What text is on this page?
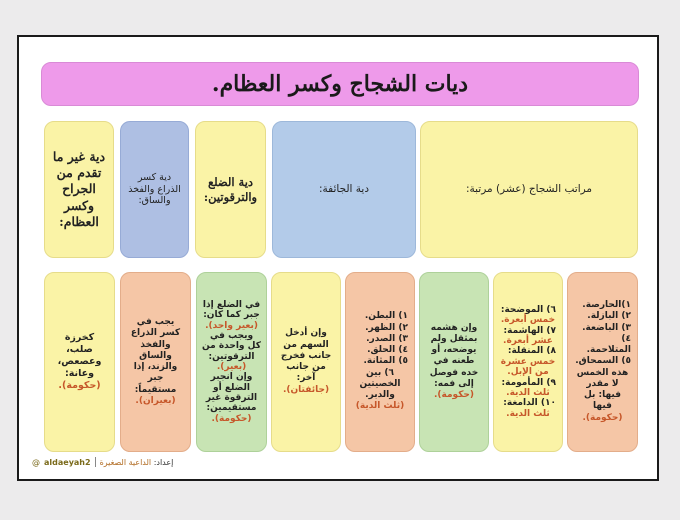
ديات الشجاج وكسر العظام.
مراتب الشجاج (عشر) مرتبة:
دية الجائفة:
دية الضلع والترقوتين:
دية كسر الذراع والفخذ والساق:
دية غير ما تقدم من الجراح وكسر العظام:
١)الحارصة.
٢) البازلة.
٣) الباضعة.
٤) المتلاحمة.
٥) السمحاق.
هذه الخمس لا مقدر فيها: بل فيها
(حكومة).
٦) الموضحة:
خمس أبعرة.
٧) الهاشمة:
عشر أبعرة.
٨) المنقلة:
خمس عشرة من الإبل.
٩) المأمومة:
ثلث الدية.
١٠) الدامغة:
ثلث الدية.
وإن هشمه بمثقل ولم يوضحه، أو طعنه في خده فوصل إلى فمه:
(حكومة).
١) البطن.
٢) الظهر.
٣) الصدر.
٤) الحلق.
٥) المثانة.
٦) بين الخصيتين والدبر.
(ثلث الدية)
وإن أدخل السهم من جانب فخرج من جانب آخر:
(جائفتان).
في الضلع إذا جبر كما كان:
(بعير واحد).
ويجب في كل واحدة من الترقوتين:
(بعير).
وإن انجبر الضلع أو الترقوة غير مستقيمين:
(حكومة).
يجب في كسر الذراع والفخذ والساق والزند، إذا جبر مستقيماً:
(بعيران).
كخرزة صلب، وعصعص، وعانة:
(حكومة).
@ aldaeyah2	إعداد: الداعية الصغيرة
